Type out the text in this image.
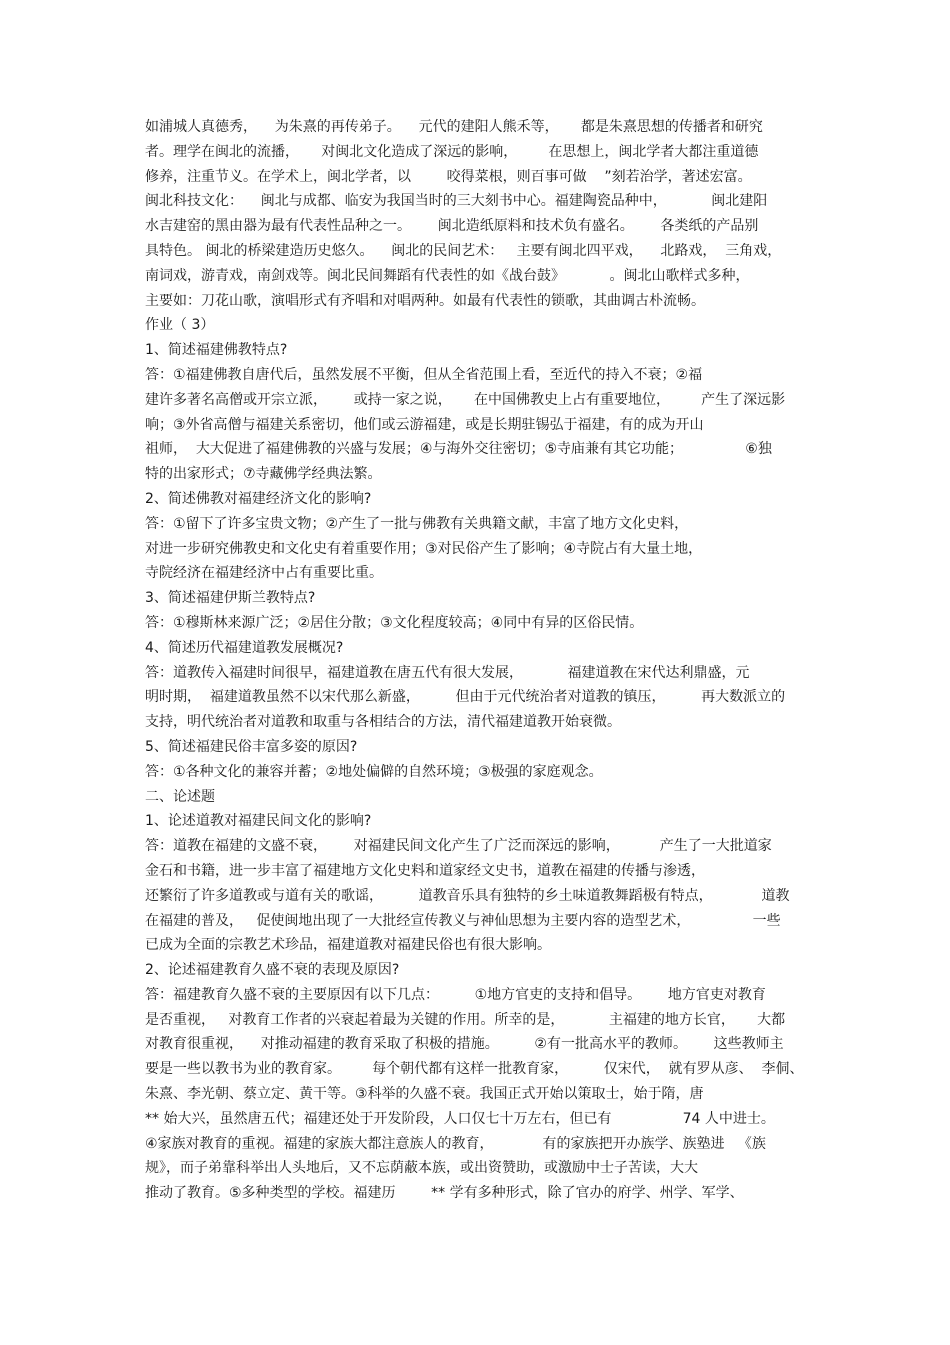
如浦城人真德秀，    为朱熹的再传弟子。    元代的建阳人熊禾等，     都是朱熹思想的传播者和研究
者。理学在闽北的流播，     对闽北文化造成了深远的影响，       在思想上，闽北学者大都注重道德
修养，注重节义。在学术上，闽北学者，以        咬得菜根，则百事可做    ”刻若治学，著述宏富。
闽北科技文化：    闽北与成都、临安为我国当时的三大刻书中心。福建陶瓷品种中，          闽北建阳
水吉建窑的黑由器为最有代表性品种之一。      闽北造纸原料和技术负有盛名。      各类纸的产品别
具特色。 闽北的桥梁建造历史悠久。    闽北的民间艺术：   主要有闽北四平戏，    北路戏，  三角戏，
南词戏，游青戏，南剑戏等。闽北民间舞蹈有代表性的如《战台鼓》          。闽北山歌样式多种，
主要如：刀花山歌，演唱形式有齐唱和对唱两种。如最有代表性的锁歌，其曲调古朴流畅。
作业（ 3）
1、简述福建佛教特点?
答：①福建佛教自唐代后，虽然发展不平衡，但从全省范围上看，至近代的持入不衰；②福
建许多著名高僧或开宗立派，      或持一家之说，     在中国佛教史上占有重要地位，       产生了深远影
响；③外省高僧与福建关系密切，他们或云游福建，或是长期驻锡弘于福建，有的成为开山
祖师，  大大促进了福建佛教的兴盛与发展；④与海外交往密切；⑤寺庙兼有其它功能；              ⑥独
特的出家形式；⑦寺藏佛学经典法繁。
2、简述佛教对福建经济文化的影响?
答：①留下了许多宝贵文物；②产生了一批与佛教有关典籍文献，丰富了地方文化史料，
对进一步研究佛教史和文化史有着重要作用；③对民俗产生了影响；④寺院占有大量土地，
寺院经济在福建经济中占有重要比重。
3、简述福建伊斯兰教特点?
答：①穆斯林来源广泛；②居住分散；③文化程度较高；④同中有异的区俗民情。
4、简述历代福建道教发展概况?
答：道教传入福建时间很早，福建道教在唐五代有很大发展，          福建道教在宋代达利鼎盛，元
明时期，  福建道教虽然不以宋代那么新盛，        但由于元代统治者对道教的镇压，        再大数派立的
支持，明代统治者对道教和取重与各相结合的方法，清代福建道教开始衰微。
5、简述福建民俗丰富多姿的原因?
答：①各种文化的兼容并蓄；②地处偏僻的自然环境；③极强的家庭观念。
二、论述题
1、论述道教对福建民间文化的影响?
答：道教在福建的文盛不衰，      对福建民间文化产生了广泛而深远的影响，         产生了一大批道家
金石和书籍，进一步丰富了福建地方文化史料和道家经文史书，道教在福建的传播与渗透，
还繁衍了许多道教或与道有关的歌谣，        道教音乐具有独特的乡土味道教舞蹈极有特点，           道教
在福建的普及，   促使闽地出现了一大批经宣传教义与神仙思想为主要内容的造型艺术，              一些
已成为全面的宗教艺术珍品，福建道教对福建民俗也有很大影响。
2、论述福建教育久盛不衰的表现及原因?
答：福建教育久盛不衰的主要原因有以下几点：        ①地方官吏的支持和倡导。      地方官吏对教育
是否重视，   对教育工作者的兴衰起着最为关键的作用。所幸的是，          主福建的地方长官，     大都
对教育很重视，    对推动福建的教育采取了积极的措施。        ②有一批高水平的教师。      这些教师主
要是一些以教书为业的教育家。       每个朝代都有这样一批教育家，        仅宋代，  就有罗从彦、  李侗、
朱熹、李光朝、蔡立定、黄干等。③科举的久盛不衰。我国正式开始以策取士，始于隋，唐
** 始大兴，虽然唐五代；福建还处于开发阶段，人口仅七十万左右，但已有                74 人中进士。
④家族对教育的重视。福建的家族大都注意族人的教育，           有的家族把开办族学、族塾进   《族
规》，而子弟靠科举出人头地后，又不忘荫蔽本族，或出资赞助，或激励中士子苦读，大大
推动了教育。⑤多种类型的学校。福建历        ** 学有多种形式，除了官办的府学、州学、军学、
